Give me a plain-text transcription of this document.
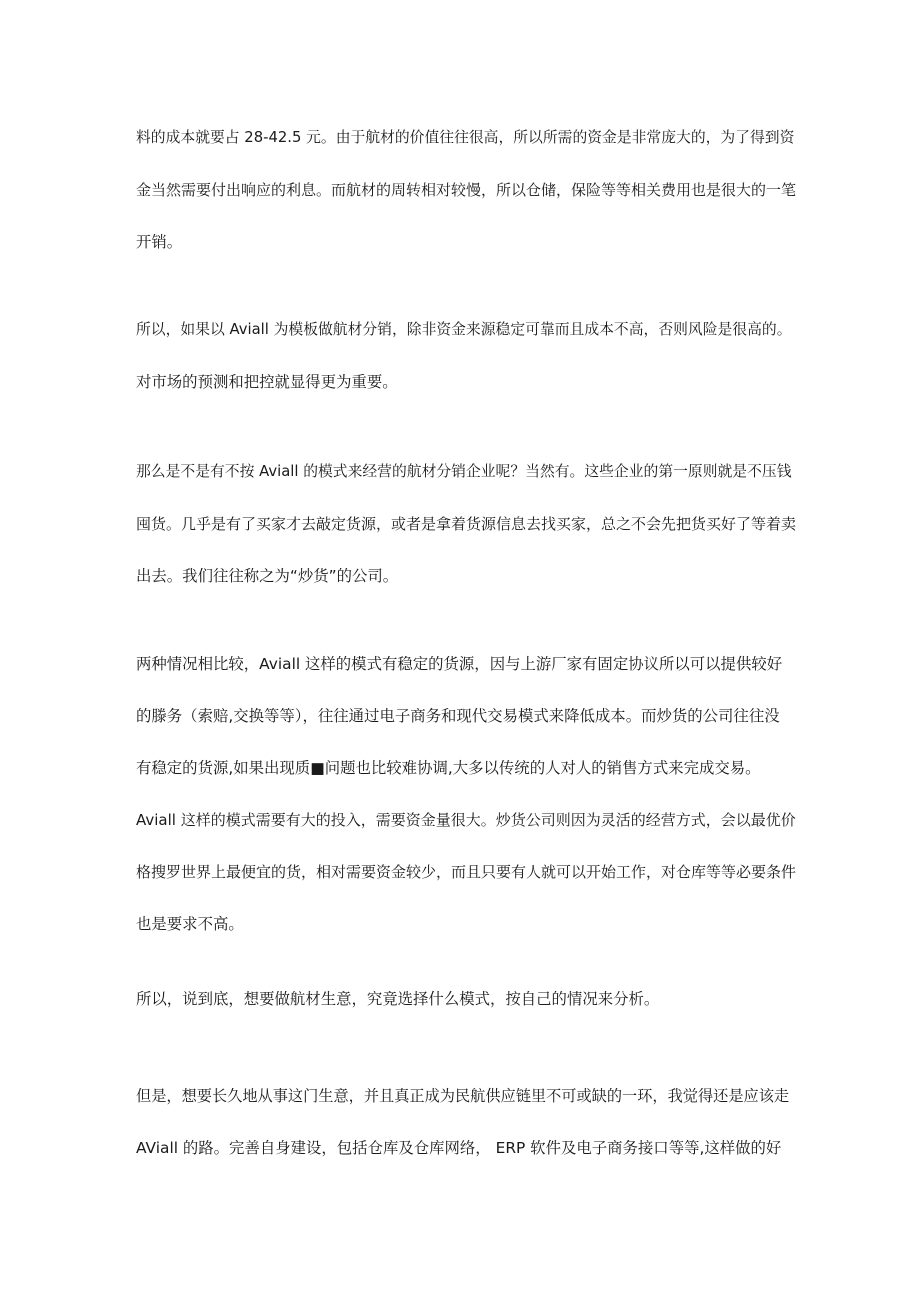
料的成本就要占 28-42.5 元。由于航材的价值往往很高，所以所需的资金是非常庞大的，为了得到资
金当然需要付出响应的利息。而航材的周转相对较慢，所以仓储，保险等等相关费用也是很大的一笔
开销。
所以，如果以 Aviall 为模板做航材分销，除非资金来源稳定可靠而且成本不高，否则风险是很高的。
对市场的预测和把控就显得更为重要。
那么是不是有不按 Aviall 的模式来经营的航材分销企业呢？当然有。这些企业的第一原则就是不压钱
囤货。几乎是有了买家才去敲定货源，或者是拿着货源信息去找买家，总之不会先把货买好了等着卖
出去。我们往往称之为“炒货”的公司。
两种情况相比较，Aviall 这样的模式有稳定的货源，因与上游厂家有固定协议所以可以提供较好
的滕务（索赔,交换等等），往往通过电子商务和现代交易模式来降低成本。而炒货的公司往往没
有稳定的货源,如果出现质■问题也比较难协调,大多以传统的人对人的销售方式来完成交易。
Aviall 这样的模式需要有大的投入，需要资金量很大。炒货公司则因为灵活的经营方式，会以最优价
格搜罗世界上最便宜的货，相对需要资金较少，而且只要有人就可以开始工作，对仓库等等必要条件
也是要求不高。
所以，说到底，想要做航材生意，究竟选择什么模式，按自己的情况来分析。
但是，想要长久地从事这门生意，并且真正成为民航供应链里不可或缺的一环，我觉得还是应该走
AViall 的路。完善自身建设，包括仓库及仓库网络， ERP 软件及电子商务接口等等,这样做的好
